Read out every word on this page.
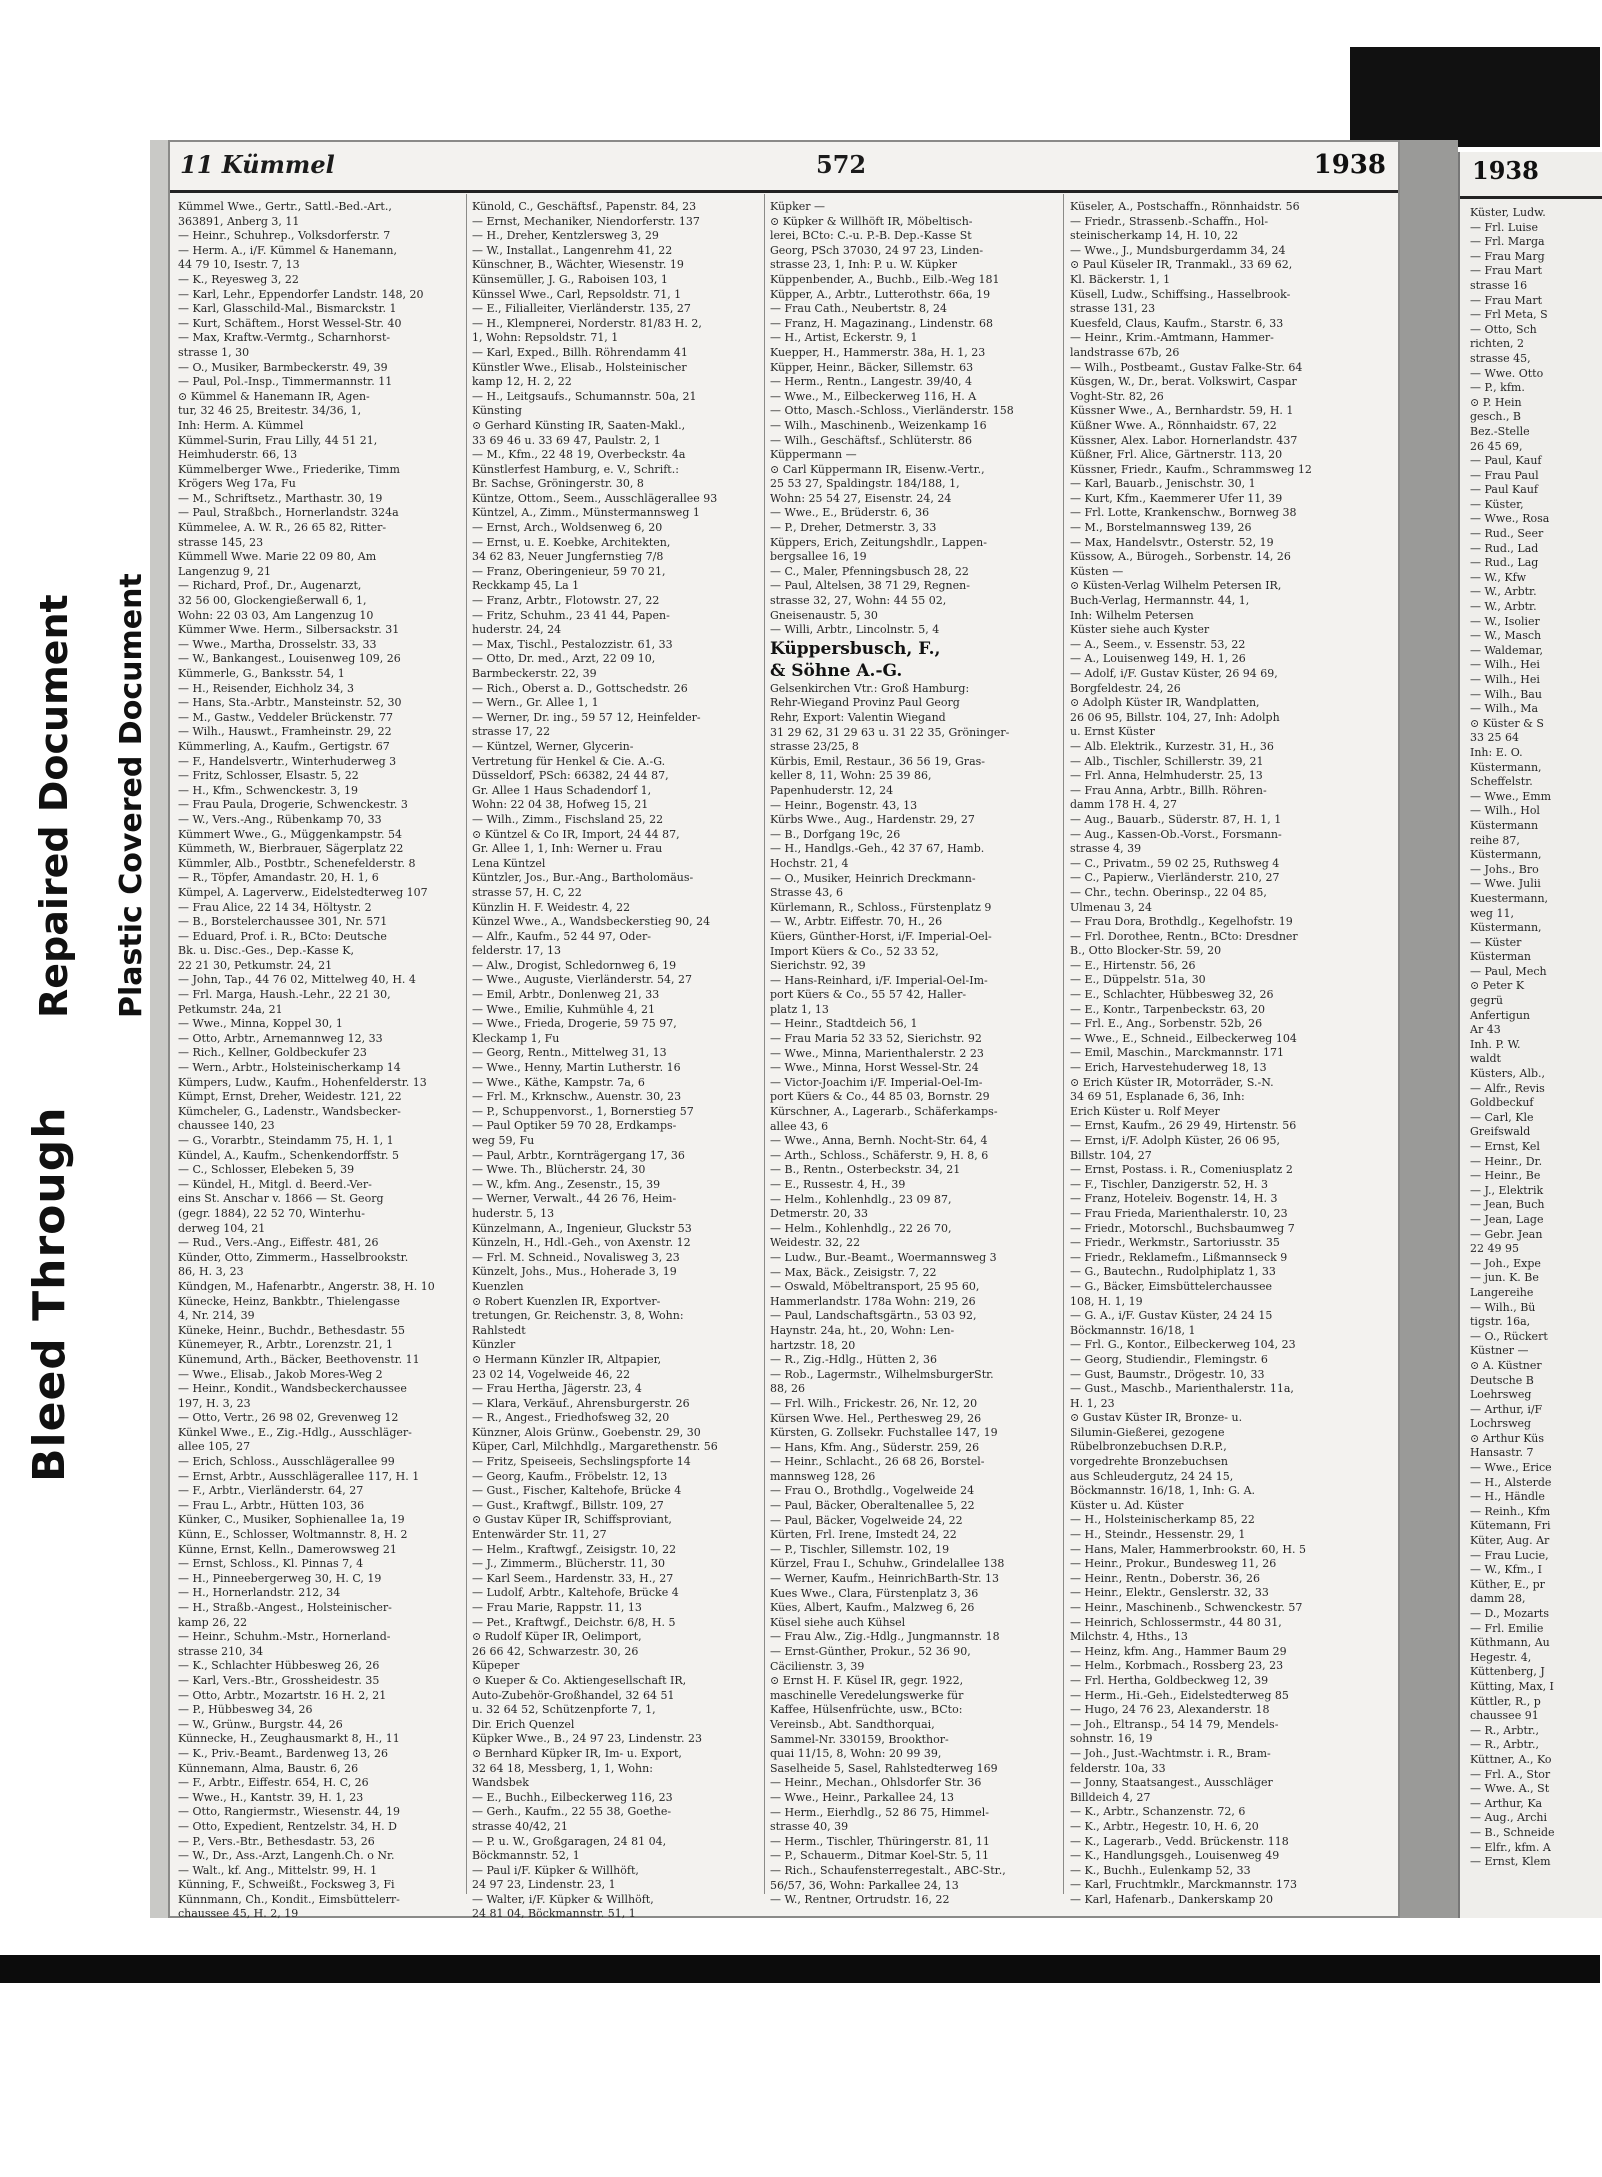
Bleed Through
Repaired Document Plastic Covered Document
11 Kümmel	572	1938
Kümmel Wwe., Gertr., Sattl.-Bed.-Art.,
363891, Anberg 3, 11
— Heinr., Schuhrep., Volksdorferstr. 7
— Herm. A., i/F. Kümmel & Hanemann,
44 79 10, Isestr. 7, 13
— K., Reyesweg 3, 22
— Karl, Lehr., Eppendorfer Landstr. 148, 20
— Karl, Glasschild-Mal., Bismarckstr. 1
— Kurt, Schäftem., Horst Wessel-Str. 40
— Max, Kraftw.-Vermtg., Scharnhorst-
strasse 1, 30
— O., Musiker, Barmbeckerstr. 49, 39
— Paul, Pol.-Insp., Timmermannstr. 11
⊙ Kümmel & Hanemann IR, Agen-
tur, 32 46 25, Breitestr. 34/36, 1,
Inh: Herm. A. Kümmel
Kümmel-Surin, Frau Lilly, 44 51 21,
Heimhuderstr. 66, 13
Kümmelberger Wwe., Friederike, Timm
Krögers Weg 17a, Fu
— M., Schriftsetz., Marthastr. 30, 19
— Paul, Straßbch., Hornerlandstr. 324a
Kümmelee, A. W. R., 26 65 82, Ritter-
strasse 145, 23
Kümmell Wwe. Marie 22 09 80, Am
Langenzug 9, 21
— Richard, Prof., Dr., Augenarzt,
32 56 00, Glockengießerwall 6, 1,
Wohn: 22 03 03, Am Langenzug 10
Kümmer Wwe. Herm., Silbersackstr. 31
— Wwe., Martha, Drosselstr. 33, 33
— W., Bankangest., Louisenweg 109, 26
Kümmerle, G., Banksstr. 54, 1
— H., Reisender, Eichholz 34, 3
— Hans, Sta.-Arbtr., Mansteinstr. 52, 30
— M., Gastw., Veddeler Brückenstr. 77
— Wilh., Hauswt., Framheinstr. 29, 22
Kümmerling, A., Kaufm., Gertigstr. 67
— F., Handelsvertr., Winterhuderweg 3
— Fritz, Schlosser, Elsastr. 5, 22
— H., Kfm., Schwenckestr. 3, 19
— Frau Paula, Drogerie, Schwenckestr. 3
— W., Vers.-Ang., Rübenkamp 70, 33
Kümmert Wwe., G., Müggenkampstr. 54
Kümmeth, W., Bierbrauer, Sägerplatz 22
Kümmler, Alb., Postbtr., Schenefelderstr. 8
— R., Töpfer, Amandastr. 20, H. 1, 6
Kümpel, A. Lagerverw., Eidelstedterweg 107
— Frau Alice, 22 14 34, Höltystr. 2
— B., Borstelerchaussee 301, Nr. 571
— Eduard, Prof. i. R., BCto: Deutsche
Bk. u. Disc.-Ges., Dep.-Kasse K,
22 21 30, Petkumstr. 24, 21
— John, Tap., 44 76 02, Mittelweg 40, H. 4
— Frl. Marga, Haush.-Lehr., 22 21 30,
Petkumstr. 24a, 21
— Wwe., Minna, Koppel 30, 1
— Otto, Arbtr., Arnemannweg 12, 33
— Rich., Kellner, Goldbeckufer 23
— Wern., Arbtr., Holsteinischerkamp 14
Kümpers, Ludw., Kaufm., Hohenfelderstr. 13
Kümpt, Ernst, Dreher, Weidestr. 121, 22
Kümcheler, G., Ladenstr., Wandsbecker-
chaussee 140, 23
— G., Vorarbtr., Steindamm 75, H. 1, 1
Kündel, A., Kaufm., Schenkendorffstr. 5
— C., Schlosser, Elebeken 5, 39
— Kündel, H., Mitgl. d. Beerd.-Ver-
eins St. Anschar v. 1866 — St. Georg
(gegr. 1884), 22 52 70, Winterhu-
derweg 104, 21
— Rud., Vers.-Ang., Eiffestr. 481, 26
Künder, Otto, Zimmerm., Hasselbrookstr.
86, H. 3, 23
Kündgen, M., Hafenarbtr., Angerstr. 38, H. 10
Künecke, Heinz, Bankbtr., Thielengasse
4, Nr. 214, 39
Küneke, Heinr., Buchdr., Bethesdastr. 55
Künemeyer, R., Arbtr., Lorenzstr. 21, 1
Künemund, Arth., Bäcker, Beethovenstr. 11
— Wwe., Elisab., Jakob Mores-Weg 2
— Heinr., Kondit., Wandsbeckerchaussee
197, H. 3, 23
— Otto, Vertr., 26 98 02, Grevenweg 12
Künkel Wwe., E., Zig.-Hdlg., Ausschläger-
allee 105, 27
— Erich, Schloss., Ausschlägerallee 99
— Ernst, Arbtr., Ausschlägerallee 117, H. 1
— F., Arbtr., Vierländerstr. 64, 27
— Frau L., Arbtr., Hütten 103, 36
Künker, C., Musiker, Sophienallee 1a, 19
Künn, E., Schlosser, Woltmannstr. 8, H. 2
Künne, Ernst, Kelln., Damerowsweg 21
— Ernst, Schloss., Kl. Pinnas 7, 4
— H., Pinneebergerweg 30, H. C, 19
— H., Hornerlandstr. 212, 34
— H., Straßb.-Angest., Holsteinischer-
kamp 26, 22
— Heinr., Schuhm.-Mstr., Hornerland-
strasse 210, 34
— K., Schlachter Hübbesweg 26, 26
— Karl, Vers.-Btr., Grossheidestr. 35
— Otto, Arbtr., Mozartstr. 16 H. 2, 21
— P., Hübbesweg 34, 26
— W., Grünw., Burgstr. 44, 26
Künnecke, H., Zeughausmarkt 8, H., 11
— K., Priv.-Beamt., Bardenweg 13, 26
Künnemann, Alma, Baustr. 6, 26
— F., Arbtr., Eiffestr. 654, H. C, 26
— Wwe., H., Kantstr. 39, H. 1, 23
— Otto, Rangiermstr., Wiesenstr. 44, 19
— Otto, Expedient, Rentzelstr. 34, H. D
— P., Vers.-Btr., Bethesdastr. 53, 26
— W., Dr., Ass.-Arzt, Langenh.Ch. o Nr.
— Walt., kf. Ang., Mittelstr. 99, H. 1
Künning, F., Schweißt., Focksweg 3, Fi
Künnmann, Ch., Kondit., Eimsbüttelerr-
chaussee 45, H. 2, 19
Künold, C., Geschäftsf., Papenstr. 84, 23
— Ernst, Mechaniker, Niendorferstr. 137
— H., Dreher, Kentzlersweg 3, 29
— W., Installat., Langenrehm 41, 22
Künschner, B., Wächter, Wiesenstr. 19
Künsemüller, J. G., Raboisen 103, 1
Künssel Wwe., Carl, Repsoldstr. 71, 1
— E., Filialleiter, Vierländerstr. 135, 27
— H., Klempnerei, Norderstr. 81/83 H. 2,
1, Wohn: Repsoldstr. 71, 1
— Karl, Exped., Billh. Röhrendamm 41
Künstler Wwe., Elisab., Holsteinischer
kamp 12, H. 2, 22
— H., Leitgsaufs., Schumannstr. 50a, 21
Künsting
⊙ Gerhard Künsting IR, Saaten-Makl.,
33 69 46 u. 33 69 47, Paulstr. 2, 1
— M., Kfm., 22 48 19, Overbeckstr. 4a
Künstlerfest Hamburg, e. V., Schrift.:
Br. Sachse, Gröningerstr. 30, 8
Küntze, Ottom., Seem., Ausschlägerallee 93
Küntzel, A., Zimm., Münstermannsweg 1
— Ernst, Arch., Woldsenweg 6, 20
— Ernst, u. E. Koebke, Architekten,
34 62 83, Neuer Jungfernstieg 7/8
— Franz, Oberingenieur, 59 70 21,
Reckkamp 45, La 1
— Franz, Arbtr., Flotowstr. 27, 22
— Fritz, Schuhm., 23 41 44, Papen-
huderstr. 24, 24
— Max, Tischl., Pestalozzistr. 61, 33
— Otto, Dr. med., Arzt, 22 09 10,
Barmbeckerstr. 22, 39
— Rich., Oberst a. D., Gottschedstr. 26
— Wern., Gr. Allee 1, 1
— Werner, Dr. ing., 59 57 12, Heinfelder-
strasse 17, 22
— Küntzel, Werner, Glycerin-
Vertretung für Henkel & Cie. A.-G.
Düsseldorf, PSch: 66382, 24 44 87,
Gr. Allee 1 Haus Schadendorf 1,
Wohn: 22 04 38, Hofweg 15, 21
— Wilh., Zimm., Fischsland 25, 22
⊙ Küntzel & Co IR, Import, 24 44 87,
Gr. Allee 1, 1, Inh: Werner u. Frau
Lena Küntzel
Küntzler, Jos., Bur.-Ang., Bartholomäus-
strasse 57, H. C, 22
Künzlin H. F. Weidestr. 4, 22
Künzel Wwe., A., Wandsbeckerstieg 90, 24
— Alfr., Kaufm., 52 44 97, Oder-
felderstr. 17, 13
— Alw., Drogist, Schledornweg 6, 19
— Wwe., Auguste, Vierländerstr. 54, 27
— Emil, Arbtr., Donlenweg 21, 33
— Wwe., Emilie, Kuhmühle 4, 21
— Wwe., Frieda, Drogerie, 59 75 97,
Kleckamp 1, Fu
— Georg, Rentn., Mittelweg 31, 13
— Wwe., Henny, Martin Lutherstr. 16
— Wwe., Käthe, Kampstr. 7a, 6
— Frl. M., Krknschw., Auenstr. 30, 23
— P., Schuppenvorst., 1, Bornerstieg 57
— Paul Optiker 59 70 28, Erdkamps-
weg 59, Fu
— Paul, Arbtr., Kornträgergang 17, 36
— Wwe. Th., Blücherstr. 24, 30
— W., kfm. Ang., Zesenstr., 15, 39
— Werner, Verwalt., 44 26 76, Heim-
huderstr. 5, 13
Künzelmann, A., Ingenieur, Gluckstr 53
Künzeln, H., Hdl.-Geh., von Axenstr. 12
— Frl. M. Schneid., Novalisweg 3, 23
Künzelt, Johs., Mus., Hoherade 3, 19
Kuenzlen
⊙ Robert Kuenzlen IR, Exportver-
tretungen, Gr. Reichenstr. 3, 8, Wohn:
Rahlstedt
Künzler
⊙ Hermann Künzler IR, Altpapier,
23 02 14, Vogelweide 46, 22
— Frau Hertha, Jägerstr. 23, 4
— Klara, Verkäuf., Ahrensburgerstr. 26
— R., Angest., Friedhofsweg 32, 20
Künzner, Alois Grünw., Goebenstr. 29, 30
Küper, Carl, Milchhdlg., Margarethenstr. 56
— Fritz, Speiseeis, Sechslingspforte 14
— Georg, Kaufm., Fröbelstr. 12, 13
— Gust., Fischer, Kaltehofe, Brücke 4
— Gust., Kraftwgf., Billstr. 109, 27
⊙ Gustav Küper IR, Schiffsproviant,
Entenwärder Str. 11, 27
— Helm., Kraftwgf., Zeisigstr. 10, 22
— J., Zimmerm., Blücherstr. 11, 30
— Karl Seem., Hardenstr. 33, H., 27
— Ludolf, Arbtr., Kaltehofe, Brücke 4
— Frau Marie, Rappstr. 11, 13
— Pet., Kraftwgf., Deichstr. 6/8, H. 5
⊙ Rudolf Küper IR, Oelimport,
26 66 42, Schwarzestr. 30, 26
Küpeper
⊙ Kueper & Co. Aktiengesellschaft IR,
Auto-Zubehör-Großhandel, 32 64 51
u. 32 64 52, Schützenpforte 7, 1,
Dir. Erich Quenzel
Küpker Wwe., B., 24 97 23, Lindenstr. 23
⊙ Bernhard Küpker IR, Im- u. Export,
32 64 18, Messberg, 1, 1, Wohn:
Wandsbek
— E., Buchh., Eilbeckerweg 116, 23
— Gerh., Kaufm., 22 55 38, Goethe-
strasse 40/42, 21
— P. u. W., Großgaragen, 24 81 04,
Böckmannstr. 52, 1
— Paul i/F. Küpker & Willhöft,
24 97 23, Lindenstr. 23, 1
— Walter, i/F. Küpker & Willhöft,
24 81 04, Böckmannstr. 51, 1
Küpker —
⊙ Küpker & Willhöft IR, Möbeltisch-
lerei, BCto: C.-u. P.-B. Dep.-Kasse St
Georg, PSch 37030, 24 97 23, Linden-
strasse 23, 1, Inh: P. u. W. Küpker
Küppenbender, A., Buchb., Eilb.-Weg 181
Küpper, A., Arbtr., Lutterothstr. 66a, 19
— Frau Cath., Neubertstr. 8, 24
— Franz, H. Magazinang., Lindenstr. 68
— H., Artist, Eckerstr. 9, 1
Kuepper, H., Hammerstr. 38a, H. 1, 23
Küpper, Heinr., Bäcker, Sillemstr. 63
— Herm., Rentn., Langestr. 39/40, 4
— Wwe., M., Eilbeckerweg 116, H. A
— Otto, Masch.-Schloss., Vierländerstr. 158
— Wilh., Maschinenb., Weizenkamp 16
— Wilh., Geschäftsf., Schlüterstr. 86
Küppermann —
⊙ Carl Küppermann IR, Eisenw.-Vertr.,
25 53 27, Spaldingstr. 184/188, 1,
Wohn: 25 54 27, Eisenstr. 24, 24
— Wwe., E., Brüderstr. 6, 36
— P., Dreher, Detmerstr. 3, 33
Küppers, Erich, Zeitungshdlr., Lappen-
bergsallee 16, 19
— C., Maler, Pfenningsbusch 28, 22
— Paul, Altelsen, 38 71 29, Regnen-
strasse 32, 27, Wohn: 44 55 02,
Gneisenaustr. 5, 30
— Willi, Arbtr., Lincolnstr. 5, 4
Küppersbusch, F.,
& Söhne A.-G.
Gelsenkirchen Vtr.: Groß Hamburg:
Rehr-Wiegand Provinz Paul Georg
Rehr, Export: Valentin Wiegand
31 29 62, 31 29 63 u. 31 22 35, Gröninger-
strasse 23/25, 8
Kürbis, Emil, Restaur., 36 56 19, Gras-
keller 8, 11, Wohn: 25 39 86,
Papenhuderstr. 12, 24
— Heinr., Bogenstr. 43, 13
Kürbs Wwe., Aug., Hardenstr. 29, 27
— B., Dorfgang 19c, 26
— H., Handlgs.-Geh., 42 37 67, Hamb.
Hochstr. 21, 4
— O., Musiker, Heinrich Dreckmann-
Strasse 43, 6
Kürlemann, R., Schloss., Fürstenplatz 9
— W., Arbtr. Eiffestr. 70, H., 26
Küers, Günther-Horst, i/F. Imperial-Oel-
Import Küers & Co., 52 33 52,
Sierichstr. 92, 39
— Hans-Reinhard, i/F. Imperial-Oel-Im-
port Küers & Co., 55 57 42, Haller-
platz 1, 13
— Heinr., Stadtdeich 56, 1
— Frau Maria 52 33 52, Sierichstr. 92
— Wwe., Minna, Marienthalerstr. 2 23
— Wwe., Minna, Horst Wessel-Str. 24
— Victor-Joachim i/F. Imperial-Oel-Im-
port Küers & Co., 44 85 03, Bornstr. 29
Kürschner, A., Lagerarb., Schäferkamps-
allee 43, 6
— Wwe., Anna, Bernh. Nocht-Str. 64, 4
— Arth., Schloss., Schäferstr. 9, H. 8, 6
— B., Rentn., Osterbeckstr. 34, 21
— E., Russestr. 4, H., 39
— Helm., Kohlenhdlg., 23 09 87,
Detmerstr. 20, 33
— Helm., Kohlenhdlg., 22 26 70,
Weidestr. 32, 22
— Ludw., Bur.-Beamt., Woermannsweg 3
— Max, Bäck., Zeisigstr. 7, 22
— Oswald, Möbeltransport, 25 95 60,
Hammerlandstr. 178a Wohn: 219, 26
— Paul, Landschaftsgärtn., 53 03 92,
Haynstr. 24a, ht., 20, Wohn: Len-
hartzstr. 18, 20
— R., Zig.-Hdlg., Hütten 2, 36
— Rob., Lagermstr., WilhelmsburgerStr.
88, 26
— Frl. Wilh., Frickestr. 26, Nr. 12, 20
Kürsen Wwe. Hel., Perthesweg 29, 26
Kürsten, G. Zollsekr. Fuchstallee 147, 19
— Hans, Kfm. Ang., Süderstr. 259, 26
— Heinr., Schlacht., 26 68 26, Borstel-
mannsweg 128, 26
— Frau O., Brothdlg., Vogelweide 24
— Paul, Bäcker, Oberaltenallee 5, 22
— Paul, Bäcker, Vogelweide 24, 22
Kürten, Frl. Irene, Imstedt 24, 22
— P., Tischler, Sillemstr. 102, 19
Kürzel, Frau I., Schuhw., Grindelallee 138
— Werner, Kaufm., HeinrichBarth-Str. 13
Kues Wwe., Clara, Fürstenplatz 3, 36
Kües, Albert, Kaufm., Malzweg 6, 26
Küsel siehe auch Kühsel
— Frau Alw., Zig.-Hdlg., Jungmannstr. 18
— Ernst-Günther, Prokur., 52 36 90,
Cäcilienstr. 3, 39
⊙ Ernst H. F. Küsel IR, gegr. 1922,
maschinelle Veredelungswerke für
Kaffee, Hülsenfrüchte, usw., BCto:
Vereinsb., Abt. Sandthorquai,
Sammel-Nr. 330159, Brookthor-
quai 11/15, 8, Wohn: 20 99 39,
Saselheide 5, Sasel, Rahlstedterweg 169
— Heinr., Mechan., Ohlsdorfer Str. 36
— Wwe., Heinr., Parkallee 24, 13
— Herm., Eierhdlg., 52 86 75, Himmel-
strasse 40, 39
— Herm., Tischler, Thüringerstr. 81, 11
— P., Schauerm., Ditmar Koel-Str. 5, 11
— Rich., Schaufensterregestalt., ABC-Str.,
56/57, 36, Wohn: Parkallee 24, 13
— W., Rentner, Ortrudstr. 16, 22
Küseler, A., Postschaffn., Rönnhaidstr. 56
— Friedr., Strassenb.-Schaffn., Hol-
steinischerkamp 14, H. 10, 22
— Wwe., J., Mundsburgerdamm 34, 24
⊙ Paul Küseler IR, Tranmakl., 33 69 62,
Kl. Bäckerstr. 1, 1
Küsell, Ludw., Schiffsing., Hasselbrook-
strasse 131, 23
Kuesfeld, Claus, Kaufm., Starstr. 6, 33
— Heinr., Krim.-Amtmann, Hammer-
landstrasse 67b, 26
— Wilh., Postbeamt., Gustav Falke-Str. 64
Küsgen, W., Dr., berat. Volkswirt, Caspar
Voght-Str. 82, 26
Küssner Wwe., A., Bernhardstr. 59, H. 1
Küßner Wwe. A., Rönnhaidstr. 67, 22
Küssner, Alex. Labor. Hornerlandstr. 437
Küßner, Frl. Alice, Gärtnerstr. 113, 20
Küssner, Friedr., Kaufm., Schrammsweg 12
— Karl, Bauarb., Jenischstr. 30, 1
— Kurt, Kfm., Kaemmerer Ufer 11, 39
— Frl. Lotte, Krankenschw., Bornweg 38
— M., Borstelmannsweg 139, 26
— Max, Handelsvtr., Osterstr. 52, 19
Küssow, A., Bürogeh., Sorbenstr. 14, 26
Küsten —
⊙ Küsten-Verlag Wilhelm Petersen IR,
Buch-Verlag, Hermannstr. 44, 1,
Inh: Wilhelm Petersen
Küster siehe auch Kyster
— A., Seem., v. Essenstr. 53, 22
— A., Louisenweg 149, H. 1, 26
— Adolf, i/F. Gustav Küster, 26 94 69,
Borgfeldestr. 24, 26
⊙ Adolph Küster IR, Wandplatten,
26 06 95, Billstr. 104, 27, Inh: Adolph
u. Ernst Küster
— Alb. Elektrik., Kurzestr. 31, H., 36
— Alb., Tischler, Schillerstr. 39, 21
— Frl. Anna, Helmhuderstr. 25, 13
— Frau Anna, Arbtr., Billh. Röhren-
damm 178 H. 4, 27
— Aug., Bauarb., Süderstr. 87, H. 1, 1
— Aug., Kassen-Ob.-Vorst., Forsmann-
strasse 4, 39
— C., Privatm., 59 02 25, Ruthsweg 4
— C., Papierw., Vierländerstr. 210, 27
— Chr., techn. Oberinsp., 22 04 85,
Ulmenau 3, 24
— Frau Dora, Brothdlg., Kegelhofstr. 19
— Frl. Dorothee, Rentn., BCto: Dresdner
B., Otto Blocker-Str. 59, 20
— E., Hirtenstr. 56, 26
— E., Düppelstr. 51a, 30
— E., Schlachter, Hübbesweg 32, 26
— E., Kontr., Tarpenbeckstr. 63, 20
— Frl. E., Ang., Sorbenstr. 52b, 26
— Wwe., E., Schneid., Eilbeckerweg 104
— Emil, Maschin., Marckmannstr. 171
— Erich, Harvestehuderweg 18, 13
⊙ Erich Küster IR, Motorräder, S.-N.
34 69 51, Esplanade 6, 36, Inh:
Erich Küster u. Rolf Meyer
— Ernst, Kaufm., 26 29 49, Hirtenstr. 56
— Ernst, i/F. Adolph Küster, 26 06 95,
Billstr. 104, 27
— Ernst, Postass. i. R., Comeniusplatz 2
— F., Tischler, Danzigerstr. 52, H. 3
— Franz, Hoteleiv. Bogenstr. 14, H. 3
— Frau Frieda, Marienthalerstr. 10, 23
— Friedr., Motorschl., Buchsbaumweg 7
— Friedr., Werkmstr., Sartoriusstr. 35
— Friedr., Reklamefm., Lißmannseck 9
— G., Bautechn., Rudolphiplatz 1, 33
— G., Bäcker, Eimsbüttelerchaussee
108, H. 1, 19
— G. A., i/F. Gustav Küster, 24 24 15
Böckmannstr. 16/18, 1
— Frl. G., Kontor., Eilbeckerweg 104, 23
— Georg, Studiendir., Flemingstr. 6
— Gust, Baumstr., Drögestr. 10, 33
— Gust., Maschb., Marienthalerstr. 11a,
H. 1, 23
⊙ Gustav Küster IR, Bronze- u.
Silumin-Gießerei, gezogene
Rübelbronzebuchsen D.R.P.,
vorgedrehte Bronzebuchsen
aus Schleudergutz, 24 24 15,
Böckmannstr. 16/18, 1, Inh: G. A.
Küster u. Ad. Küster
— H., Holsteinischerkamp 85, 22
— H., Steindr., Hessenstr. 29, 1
— Hans, Maler, Hammerbrookstr. 60, H. 5
— Heinr., Prokur., Bundesweg 11, 26
— Heinr., Rentn., Doberstr. 36, 26
— Heinr., Elektr., Genslerstr. 32, 33
— Heinr., Maschinenb., Schwenckestr. 57
— Heinrich, Schlossermstr., 44 80 31,
Milchstr. 4, Hths., 13
— Heinz, kfm. Ang., Hammer Baum 29
— Helm., Korbmach., Rossberg 23, 23
— Frl. Hertha, Goldbeckweg 12, 39
— Herm., Hi.-Geh., Eidelstedterweg 85
— Hugo, 24 76 23, Alexanderstr. 18
— Joh., Eltransp., 54 14 79, Mendels-
sohnstr. 16, 19
— Joh., Just.-Wachtmstr. i. R., Bram-
felderstr. 10a, 33
— Jonny, Staatsangest., Ausschläger
Billdeich 4, 27
— K., Arbtr., Schanzenstr. 72, 6
— K., Arbtr., Hegestr. 10, H. 6, 20
— K., Lagerarb., Vedd. Brückenstr. 118
— K., Handlungsgeh., Louisenweg 49
— K., Buchh., Eulenkamp 52, 33
— Karl, Fruchtmklr., Marckmannstr. 173
— Karl, Hafenarb., Dankerskamp 20
1938
Küster, Ludw.
— Frl. Luise
— Frl. Marga
— Frau Marg
— Frau Mart
strasse 16
— Frau Mart
— Frl Meta, S
— Otto, Sch
richten, 2
strasse 45,
— Wwe. Otto
— P., kfm.
⊙ P. Hein
gesch., B
Bez.-Stelle
26 45 69,
— Paul, Kauf
— Frau Paul
— Paul Kauf
— Küster,
— Wwe., Rosa
— Rud., Seer
— Rud., Lad
— Rud., Lag
— W., Kfw
— W., Arbtr.
— W., Arbtr.
— W., Isolier
— W., Masch
— Waldemar,
— Wilh., Hei
— Wilh., Hei
— Wilh., Bau
— Wilh., Ma
⊙ Küster & S
33 25 64
Inh: E. O.
Küstermann,
Scheffelstr.
— Wwe., Emm
— Wilh., Hol
Küstermann
reihe 87,
Küstermann,
— Johs., Bro
— Wwe. Julii
Kuestermann,
weg 11,
Küstermann,
— Küster
Küsterman
— Paul, Mech
⊙ Peter K
gegrü
Anfertigun
Ar 43
Inh. P. W.
waldt
Küsters, Alb.,
— Alfr., Revis
Goldbeckuf
— Carl, Kle
Greifswald
— Ernst, Kel
— Heinr., Dr.
— Heinr., Be
— J., Elektrik
— Jean, Buch
— Jean, Lage
— Gebr. Jean
22 49 95
— Joh., Expe
— jun. K. Be
Langereihe
— Wilh., Bü
tigstr. 16a,
— O., Rückert
Küstner —
⊙ A. Küstner
Deutsche B
Loehrsweg
— Arthur, i/F
Lochrsweg
⊙ Arthur Küs
Hansastr. 7
— Wwe., Erice
— H., Alsterde
— H., Händle
— Reinh., Kfm
Kütemann, Fri
Küter, Aug. Ar
— Frau Lucie,
— W., Kfm., I
Küther, E., pr
damm 28,
— D., Mozarts
— Frl. Emilie
Küthmann, Au
Hegestr. 4,
Küttenberg, J
Kütting, Max, I
Küttler, R., p
chaussee 91
— R., Arbtr.,
— R., Arbtr.,
Küttner, A., Ko
— Frl. A., Stor
— Wwe. A., St
— Arthur, Ka
— Aug., Archi
— B., Schneide
— Elfr., kfm. A
— Ernst, Klem
